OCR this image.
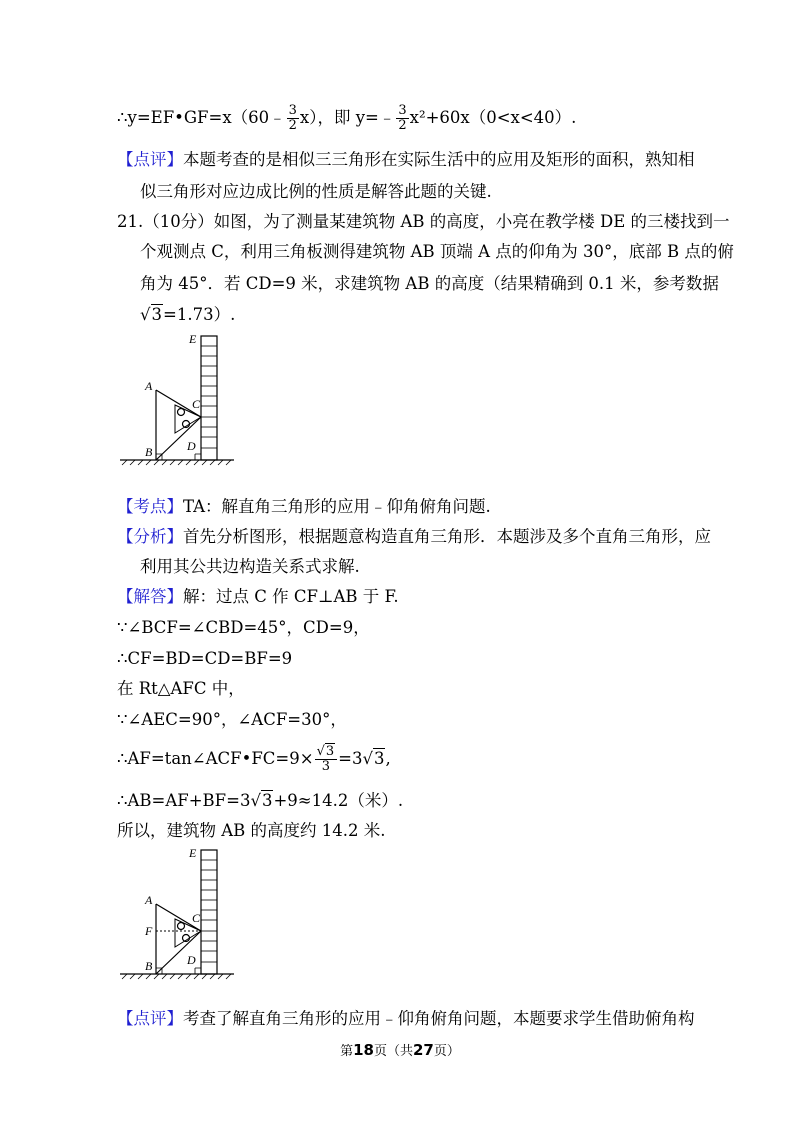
∴y=EF•GF=x（60﹣ $\frac{3}{2} x$），即 y=﹣ $\frac{3}{2} x^2+60x(0<x<40)$.
【点评】本题考查的是相似三三角形在实际生活中的应用及矩形的面积，熟知相
似三角形对应边成比例的性质是解答此题的关键.
21.（10分）如图，为了测量某建筑物 AB 的高度，小亮在教学楼 DE 的三楼找到一
个观测点 C，利用三角板测得建筑物 AB 顶端 A 点的仰角为 30°，底部 B 点的俯
角为 45°．若 CD=9 米，求建筑物 AB 的高度（结果精确到 0.1 米，参考数据
√3=1.73）.
E
A
C
D
B
【考点】TA：解直角三角形的应用﹣仰角俯角问题.
【分析】首先分析图形，根据题意构造直角三角形．本题涉及多个直角三角形，应
利用其公共边构造关系式求解.
【解答】解：过点 C 作 CF⊥AB 于 F.
∵∠BCF=∠CBD=45°，CD=9，
∴CF=BD=CD=BF=9
在 Rt△AFC 中，
∵∠AEC=90°，∠ACF=30°，
∴AF=tan∠ACF•FC=9× $\frac{√3}{3} =3√3$,
∴AB=AF+BF=3√3+9≈14.2（米）.
所以，建筑物 AB 的高度约 14.2 米.
E
A
C
F
D
B
【点评】考查了解直角三角形的应用﹣仰角俯角问题，本题要求学生借助俯角构
第18页（共27页）
